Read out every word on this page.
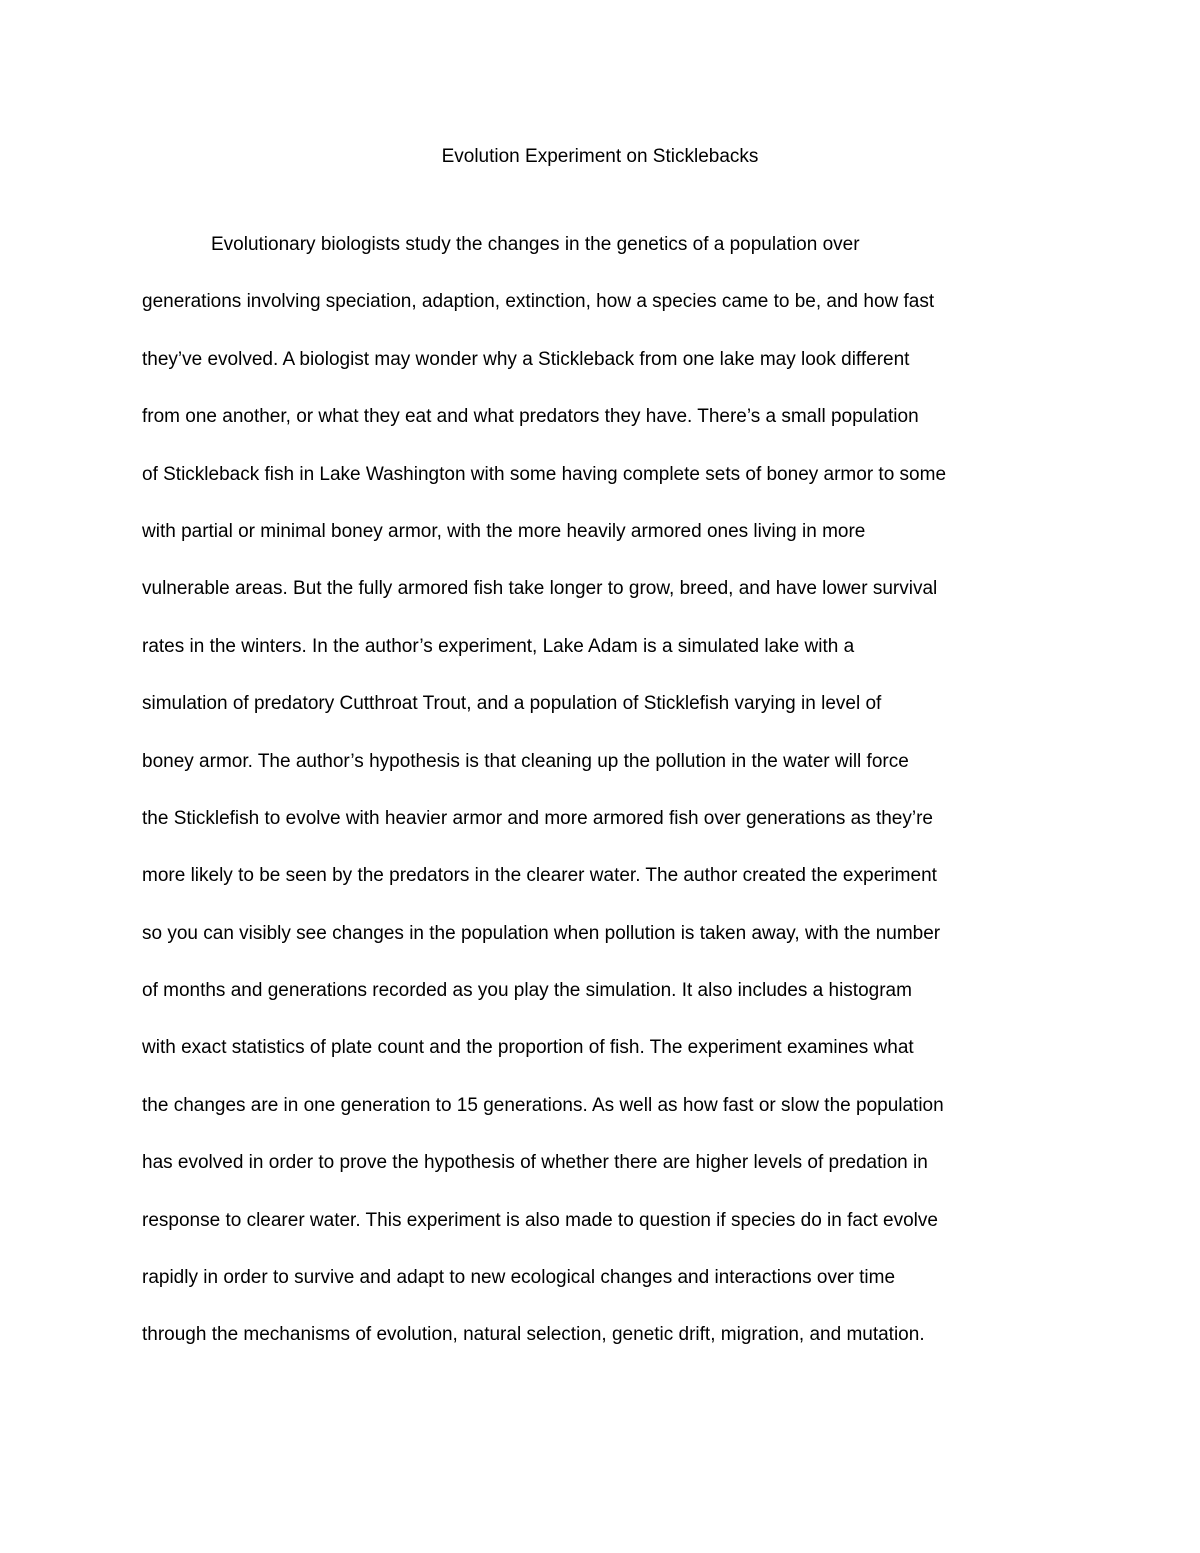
Evolution Experiment on Sticklebacks
Evolutionary biologists study the changes in the genetics of a population over
generations involving speciation, adaption, extinction, how a species came to be, and how fast
they’ve evolved. A biologist may wonder why a Stickleback from one lake may look different
from one another, or what they eat and what predators they have. There’s a small population
of Stickleback fish in Lake Washington with some having complete sets of boney armor to some
with partial or minimal boney armor, with the more heavily armored ones living in more
vulnerable areas. But the fully armored fish take longer to grow, breed, and have lower survival
rates in the winters. In the author’s experiment, Lake Adam is a simulated lake with a
simulation of predatory Cutthroat Trout, and a population of Sticklefish varying in level of
boney armor. The author’s hypothesis is that cleaning up the pollution in the water will force
the Sticklefish to evolve with heavier armor and more armored fish over generations as they’re
more likely to be seen by the predators in the clearer water. The author created the experiment
so you can visibly see changes in the population when pollution is taken away, with the number
of months and generations recorded as you play the simulation. It also includes a histogram
with exact statistics of plate count and the proportion of fish. The experiment examines what
the changes are in one generation to 15 generations. As well as how fast or slow the population
has evolved in order to prove the hypothesis of whether there are higher levels of predation in
response to clearer water. This experiment is also made to question if species do in fact evolve
rapidly in order to survive and adapt to new ecological changes and interactions over time
through the mechanisms of evolution, natural selection, genetic drift, migration, and mutation.
